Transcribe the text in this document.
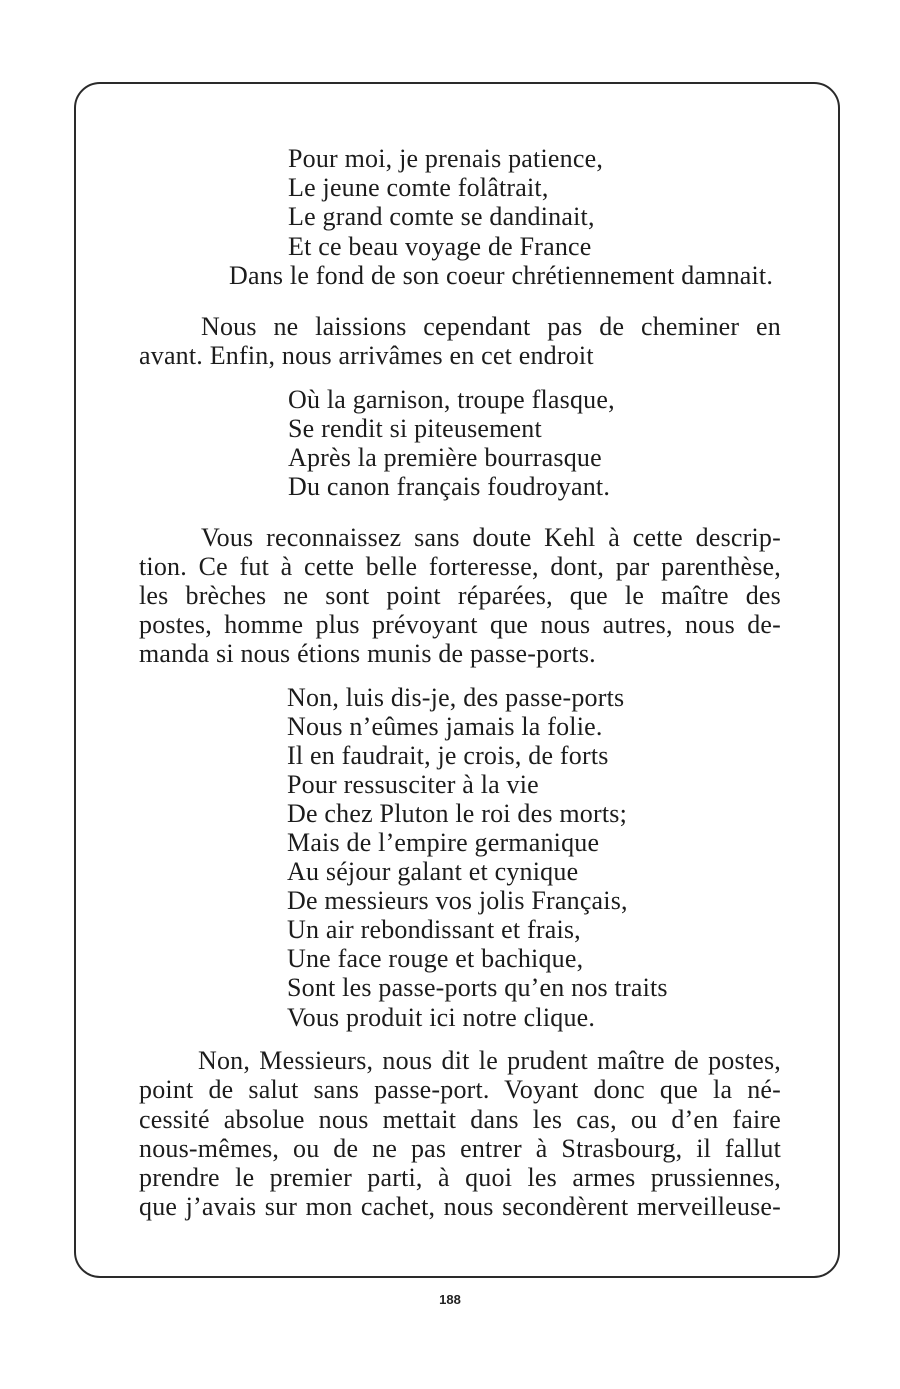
Pour moi, je prenais patience,
Le jeune comte folâtrait,
Le grand comte se dandinait,
Et ce beau voyage de France
Dans le fond de son coeur chrétiennement damnait.
Nous ne laissions cependant pas de cheminer en
avant. Enfin, nous arrivâmes en cet endroit
Où la garnison, troupe flasque,
Se rendit si piteusement
Après la première bourrasque
Du canon français foudroyant.
Vous reconnaissez sans doute Kehl à cette descrip-
tion. Ce fut à cette belle forteresse, dont, par parenthèse,
les brèches ne sont point réparées, que le maître des
postes, homme plus prévoyant que nous autres, nous de-
manda si nous étions munis de passe-ports.
Non, luis dis-je, des passe-ports
Nous n’eûmes jamais la folie.
Il en faudrait, je crois, de forts
Pour ressusciter à la vie
De chez Pluton le roi des morts;
Mais de l’empire germanique
Au séjour galant et cynique
De messieurs vos jolis Français,
Un air rebondissant et frais,
Une face rouge et bachique,
Sont les passe-ports qu’en nos traits
Vous produit ici notre clique.
Non, Messieurs, nous dit le prudent maître de postes,
point de salut sans passe-port. Voyant donc que la né-
cessité absolue nous mettait dans les cas, ou d’en faire
nous-mêmes, ou de ne pas entrer à Strasbourg, il fallut
prendre le premier parti, à quoi les armes prussiennes,
que j’avais sur mon cachet, nous secondèrent merveilleuse-
188
